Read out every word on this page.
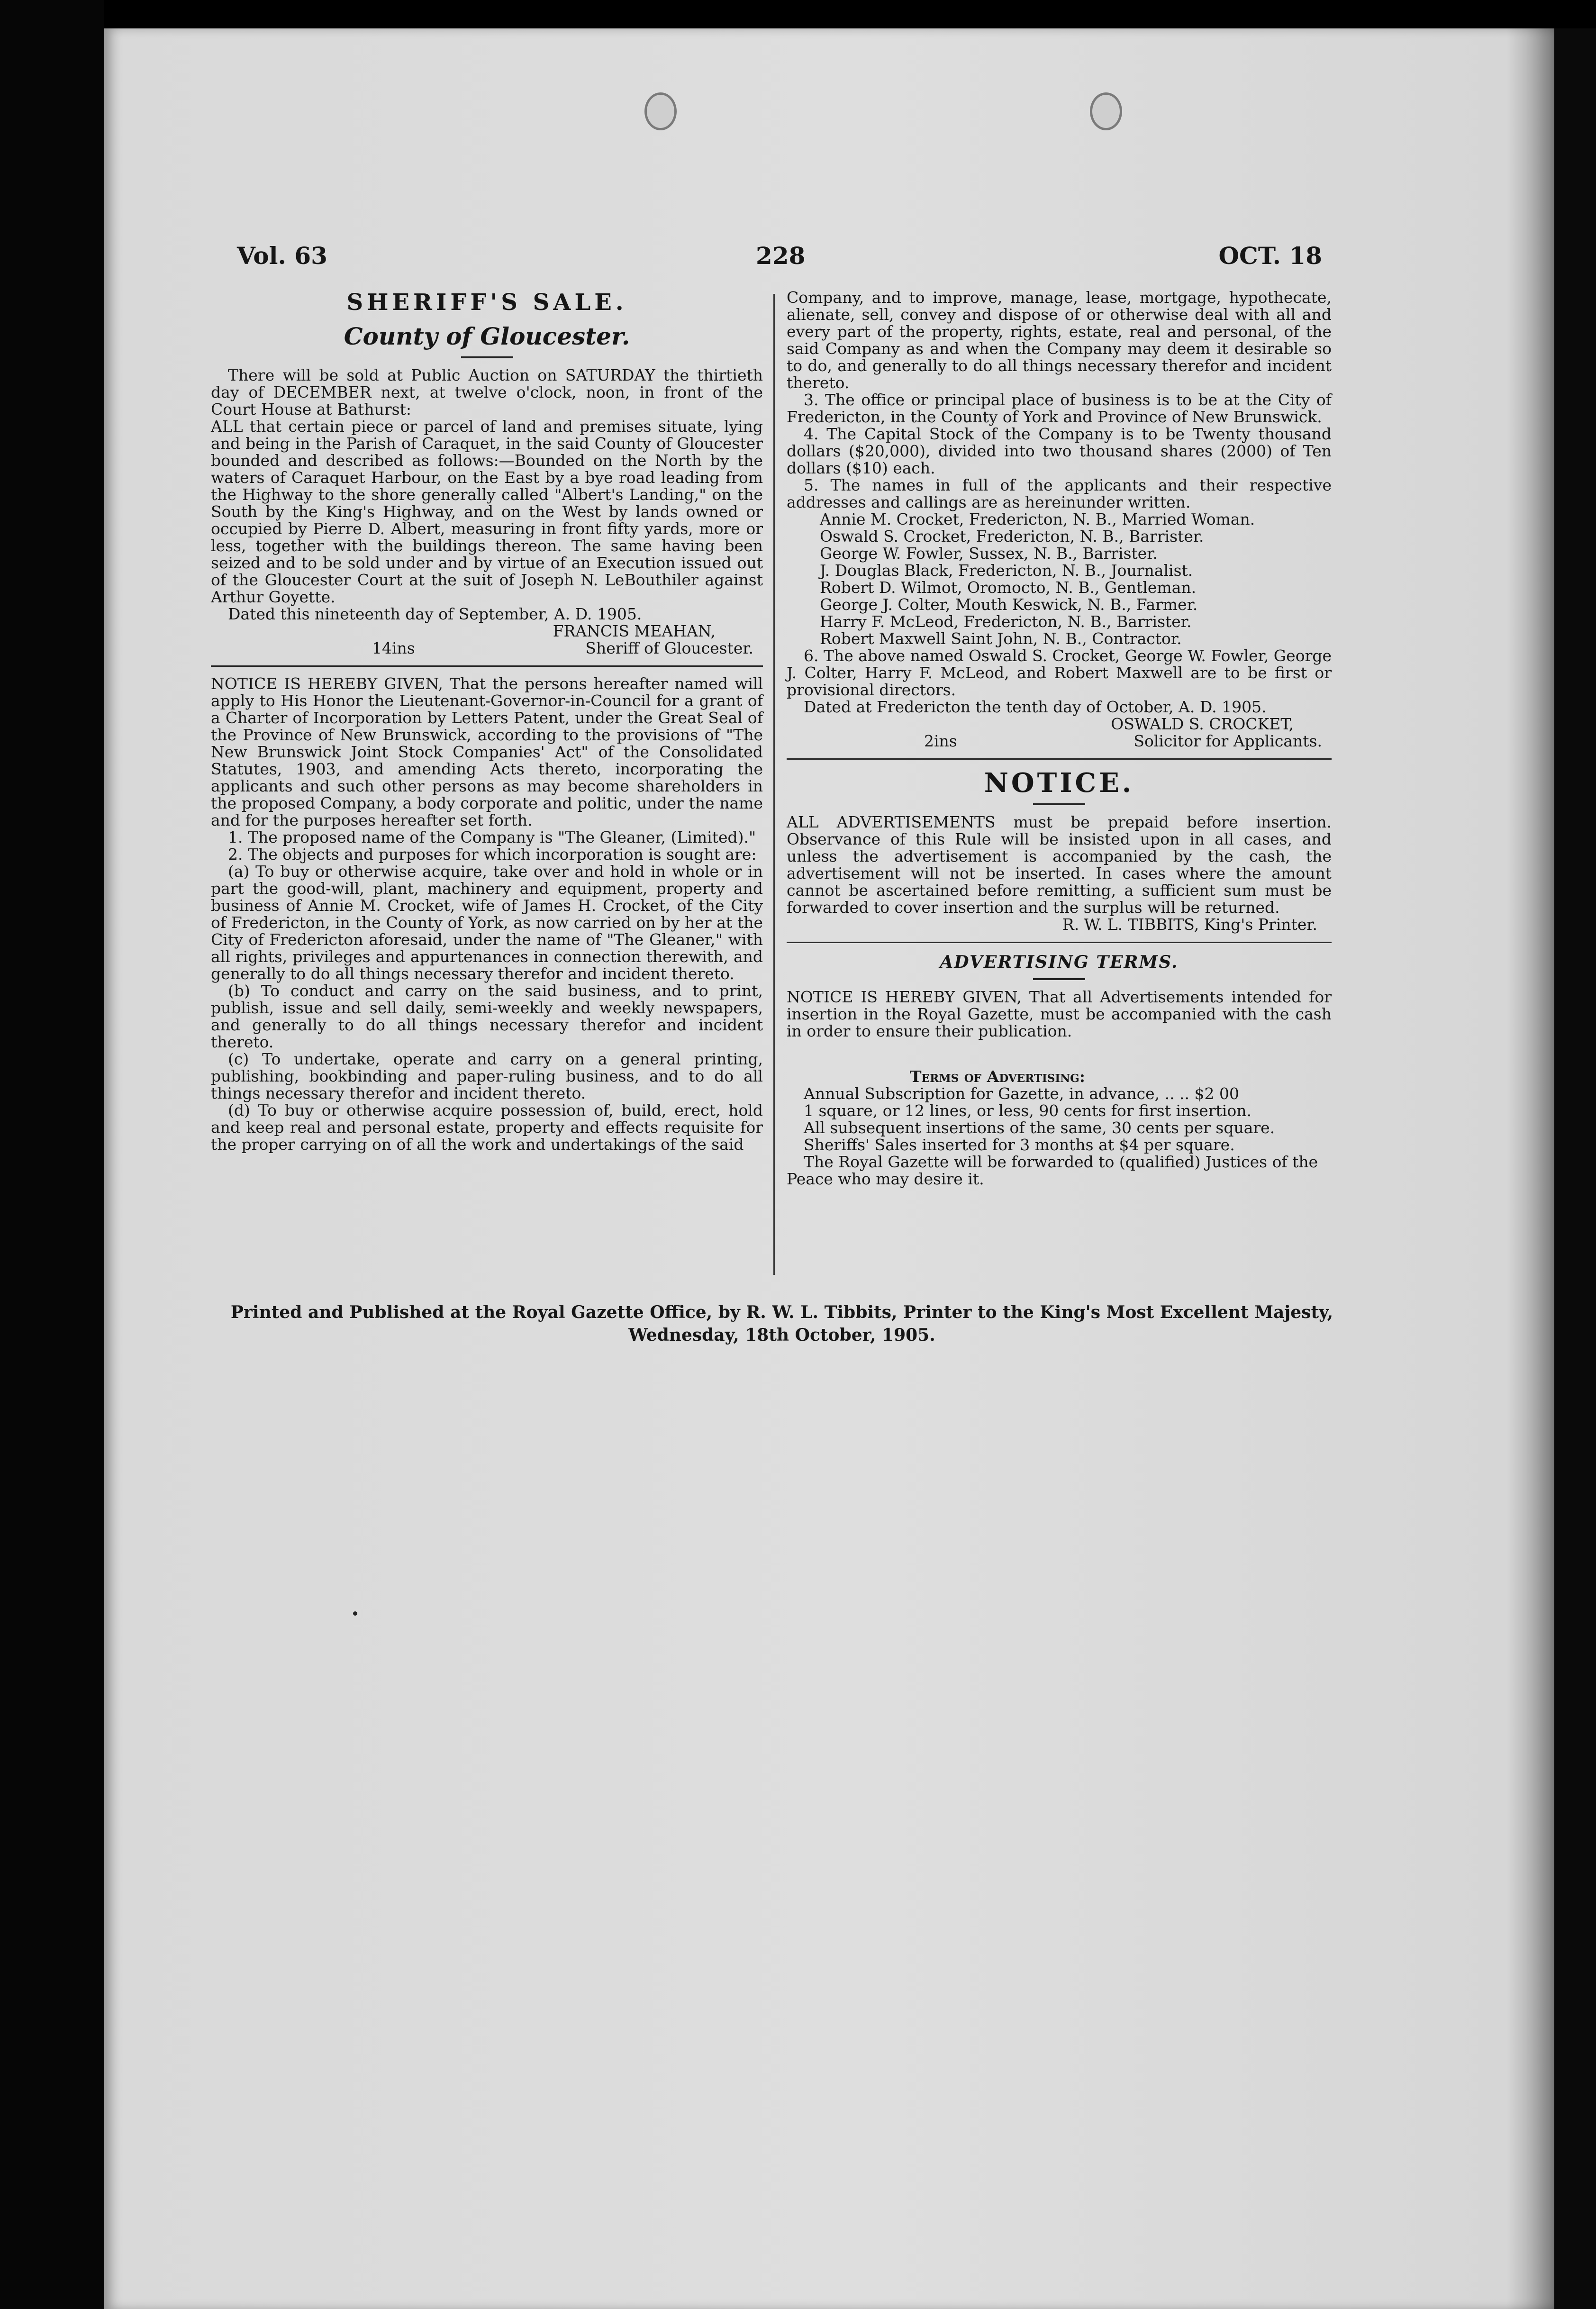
Vol. 63	228	OCT. 18
SHERIFF'S SALE.
County of Gloucester.

There will be sold at Public Auction on SATURDAY the thirtieth day of DECEMBER next, at twelve o'clock, noon, in front of the Court House at Bathurst:

ALL that certain piece or parcel of land and premises situate, lying and being in the Parish of Caraquet, in the said County of Gloucester bounded and described as follows:—Bounded on the North by the waters of Caraquet Harbour, on the East by a bye road leading from the Highway to the shore generally called "Albert's Landing," on the South by the King's Highway, and on the West by lands owned or occupied by Pierre D. Albert, measuring in front fifty yards, more or less, together with the buildings thereon. The same having been seized and to be sold under and by virtue of an Execution issued out of the Gloucester Court at the suit of Joseph N. LeBouthiler against Arthur Goyette.

Dated this nineteenth day of September, A. D. 1905.

FRANCIS MEAHAN,

14ins	Sheriff of Gloucester.

NOTICE IS HEREBY GIVEN, That the persons hereafter named will apply to His Honor the Lieutenant-Governor-in-Council for a grant of a Charter of Incorporation by Letters Patent, under the Great Seal of the Province of New Brunswick, according to the provisions of "The New Brunswick Joint Stock Companies' Act" of the Consolidated Statutes, 1903, and amending Acts thereto, incorporating the applicants and such other persons as may become shareholders in the proposed Company, a body corporate and politic, under the name and for the purposes hereafter set forth.

1. The proposed name of the Company is "The Gleaner, (Limited)."

2. The objects and purposes for which incorporation is sought are:

(a) To buy or otherwise acquire, take over and hold in whole or in part the good-will, plant, machinery and equipment, property and business of Annie M. Crocket, wife of James H. Crocket, of the City of Fredericton, in the County of York, as now carried on by her at the City of Fredericton aforesaid, under the name of "The Gleaner," with all rights, privileges and appurtenances in connection therewith, and generally to do all things necessary therefor and incident thereto.

(b) To conduct and carry on the said business, and to print, publish, issue and sell daily, semi-weekly and weekly newspapers, and generally to do all things necessary therefor and incident thereto.

(c) To undertake, operate and carry on a general printing, publishing, bookbinding and paper-ruling business, and to do all things necessary therefor and incident thereto.

(d) To buy or otherwise acquire possession of, build, erect, hold and keep real and personal estate, property and effects requisite for the proper carrying on of all the work and undertakings of the said

Company, and to improve, manage, lease, mortgage, hypothecate, alienate, sell, convey and dispose of or otherwise deal with all and every part of the property, rights, estate, real and personal, of the said Company as and when the Company may deem it desirable so to do, and generally to do all things necessary therefor and incident thereto.

3. The office or principal place of business is to be at the City of Fredericton, in the County of York and Province of New Brunswick.

4. The Capital Stock of the Company is to be Twenty thousand dollars ($20,000), divided into two thousand shares (2000) of Ten dollars ($10) each.

5. The names in full of the applicants and their respective addresses and callings are as hereinunder written.

Annie M. Crocket, Fredericton, N. B., Married Woman.

Oswald S. Crocket, Fredericton, N. B., Barrister.

George W. Fowler, Sussex, N. B., Barrister.

J. Douglas Black, Fredericton, N. B., Journalist.

Robert D. Wilmot, Oromocto, N. B., Gentleman.

George J. Colter, Mouth Keswick, N. B., Farmer.

Harry F. McLeod, Fredericton, N. B., Barrister.

Robert Maxwell Saint John, N. B., Contractor.

6. The above named Oswald S. Crocket, George W. Fowler, George J. Colter, Harry F. McLeod, and Robert Maxwell are to be first or provisional directors.

Dated at Fredericton the tenth day of October, A. D. 1905.

OSWALD S. CROCKET,

2ins	Solicitor for Applicants.
NOTICE.

ALL ADVERTISEMENTS must be prepaid before insertion. Observance of this Rule will be insisted upon in all cases, and unless the advertisement is accompanied by the cash, the advertisement will not be inserted. In cases where the amount cannot be ascertained before remitting, a sufficient sum must be forwarded to cover insertion and the surplus will be returned.

R. W. L. TIBBITS, King's Printer.

ADVERTISING TERMS.

NOTICE IS HEREBY GIVEN, That all Advertisements intended for insertion in the Royal Gazette, must be accompanied with the cash in order to ensure their publication.

Terms of Advertising:

Annual Subscription for Gazette, in advance, .. .. $2 00

1 square, or 12 lines, or less, 90 cents for first insertion.

All subsequent insertions of the same, 30 cents per square.

Sheriffs' Sales inserted for 3 months at $4 per square.

The Royal Gazette will be forwarded to (qualified) Justices of the Peace who may desire it.

Printed and Published at the Royal Gazette Office, by R. W. L. Tibbits, Printer to the King's Most Excellent Majesty,
Wednesday, 18th October, 1905.
